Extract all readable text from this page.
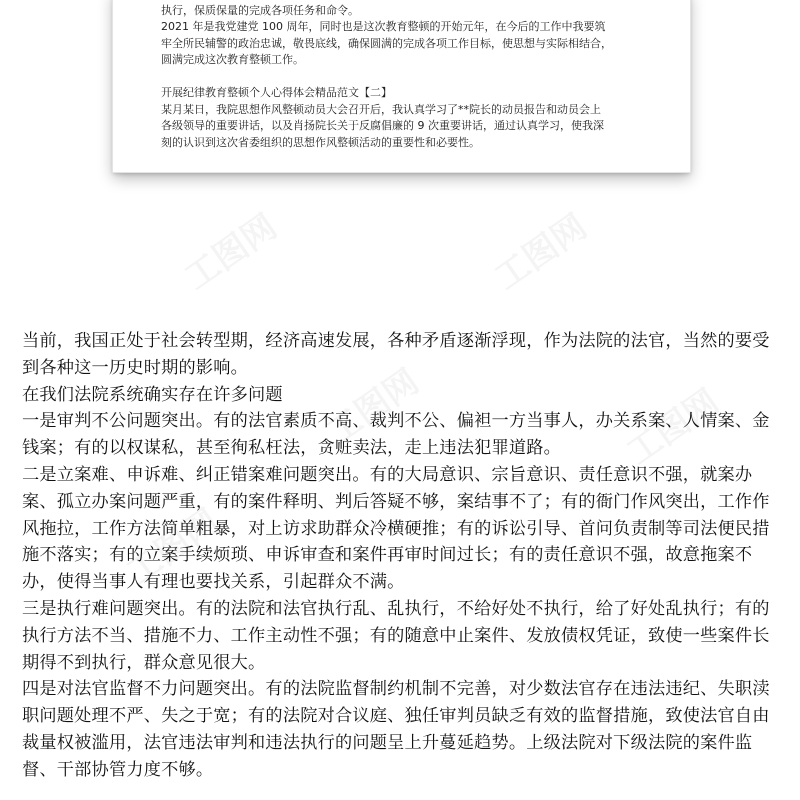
执行，保质保量的完成各项任务和命令。

2021 年是我党建党 100 周年，同时也是这次教育整顿的开始元年，在今后的工作中我要筑

牢全所民辅警的政治忠诚，敬畏底线，确保圆满的完成各项工作目标，使思想与实际相结合，

圆满完成这次教育整顿工作。

开展纪律教育整顿个人心得体会精品范文【二】

某月某日，我院思想作风整顿动员大会召开后，我认真学习了**院长的动员报告和动员会上

各级领导的重要讲话，以及肖扬院长关于反腐倡廉的 9 次重要讲话，通过认真学习，使我深

刻的认识到这次省委组织的思想作风整顿活动的重要性和必要性。

工图网	工图网
工图网	工图网
工图网

当前，我国正处于社会转型期，经济高速发展，各种矛盾逐渐浮现，作为法院的法官，当然的要受到各种这一历史时期的影响。

在我们法院系统确实存在许多问题

一是审判不公问题突出。有的法官素质不高、裁判不公、偏袒一方当事人，办关系案、人情案、金钱案；有的以权谋私，甚至徇私枉法，贪赃卖法，走上违法犯罪道路。

二是立案难、申诉难、纠正错案难问题突出。有的大局意识、宗旨意识、责任意识不强，就案办案、孤立办案问题严重，有的案件释明、判后答疑不够，案结事不了；有的衙门作风突出，工作作风拖拉，工作方法简单粗暴，对上访求助群众冷横硬推；有的诉讼引导、首问负责制等司法便民措施不落实；有的立案手续烦琐、申诉审查和案件再审时间过长；有的责任意识不强，故意拖案不办，使得当事人有理也要找关系，引起群众不满。

三是执行难问题突出。有的法院和法官执行乱、乱执行，不给好处不执行，给了好处乱执行；有的执行方法不当、措施不力、工作主动性不强；有的随意中止案件、发放债权凭证，致使一些案件长期得不到执行，群众意见很大。

四是对法官监督不力问题突出。有的法院监督制约机制不完善，对少数法官存在违法违纪、失职渎职问题处理不严、失之于宽；有的法院对合议庭、独任审判员缺乏有效的监督措施，致使法官自由裁量权被滥用，法官违法审判和违法执行的问题呈上升蔓延趋势。上级法院对下级法院的案件监督、干部协管力度不够。
